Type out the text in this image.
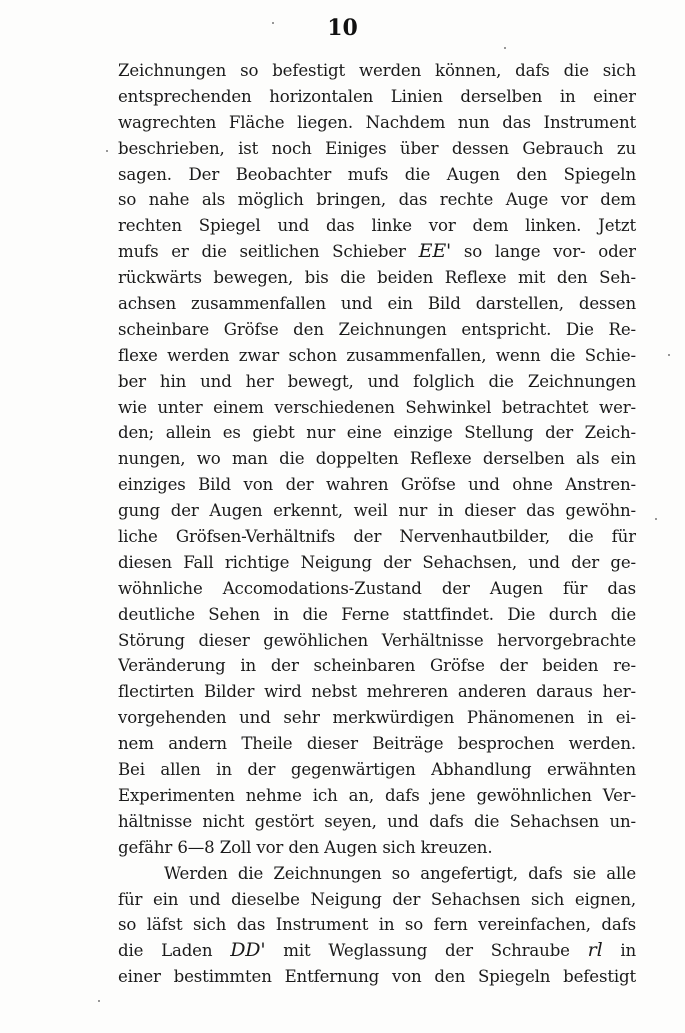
10
Zeichnungen so befestigt werden können, dafs die sich
entsprechenden horizontalen Linien derselben in einer
wagrechten Fläche liegen. Nachdem nun das Instrument
beschrieben, ist noch Einiges über dessen Gebrauch zu
sagen. Der Beobachter mufs die Augen den Spiegeln
so nahe als möglich bringen, das rechte Auge vor dem
rechten Spiegel und das linke vor dem linken. Jetzt
mufs er die seitlichen Schieber EE' so lange vor- oder
rückwärts bewegen, bis die beiden Reflexe mit den Seh-
achsen zusammenfallen und ein Bild darstellen, dessen
scheinbare Gröfse den Zeichnungen entspricht. Die Re-
flexe werden zwar schon zusammenfallen, wenn die Schie-
ber hin und her bewegt, und folglich die Zeichnungen
wie unter einem verschiedenen Sehwinkel betrachtet wer-
den; allein es giebt nur eine einzige Stellung der Zeich-
nungen, wo man die doppelten Reflexe derselben als ein
einziges Bild von der wahren Gröfse und ohne Anstren-
gung der Augen erkennt, weil nur in dieser das gewöhn-
liche Gröfsen-Verhältnifs der Nervenhautbilder, die für
diesen Fall richtige Neigung der Sehachsen, und der ge-
wöhnliche Accomodations-Zustand der Augen für das
deutliche Sehen in die Ferne stattfindet. Die durch die
Störung dieser gewöhlichen Verhältnisse hervorgebrachte
Veränderung in der scheinbaren Gröfse der beiden re-
flectirten Bilder wird nebst mehreren anderen daraus her-
vorgehenden und sehr merkwürdigen Phänomenen in ei-
nem andern Theile dieser Beiträge besprochen werden.
Bei allen in der gegenwärtigen Abhandlung erwähnten
Experimenten nehme ich an, dafs jene gewöhnlichen Ver-
hältnisse nicht gestört seyen, und dafs die Sehachsen un-
gefähr 6—8 Zoll vor den Augen sich kreuzen.
Werden die Zeichnungen so angefertigt, dafs sie alle
für ein und dieselbe Neigung der Sehachsen sich eignen,
so läfst sich das Instrument in so fern vereinfachen, dafs
die Laden DD' mit Weglassung der Schraube rl in
einer bestimmten Entfernung von den Spiegeln befestigt
